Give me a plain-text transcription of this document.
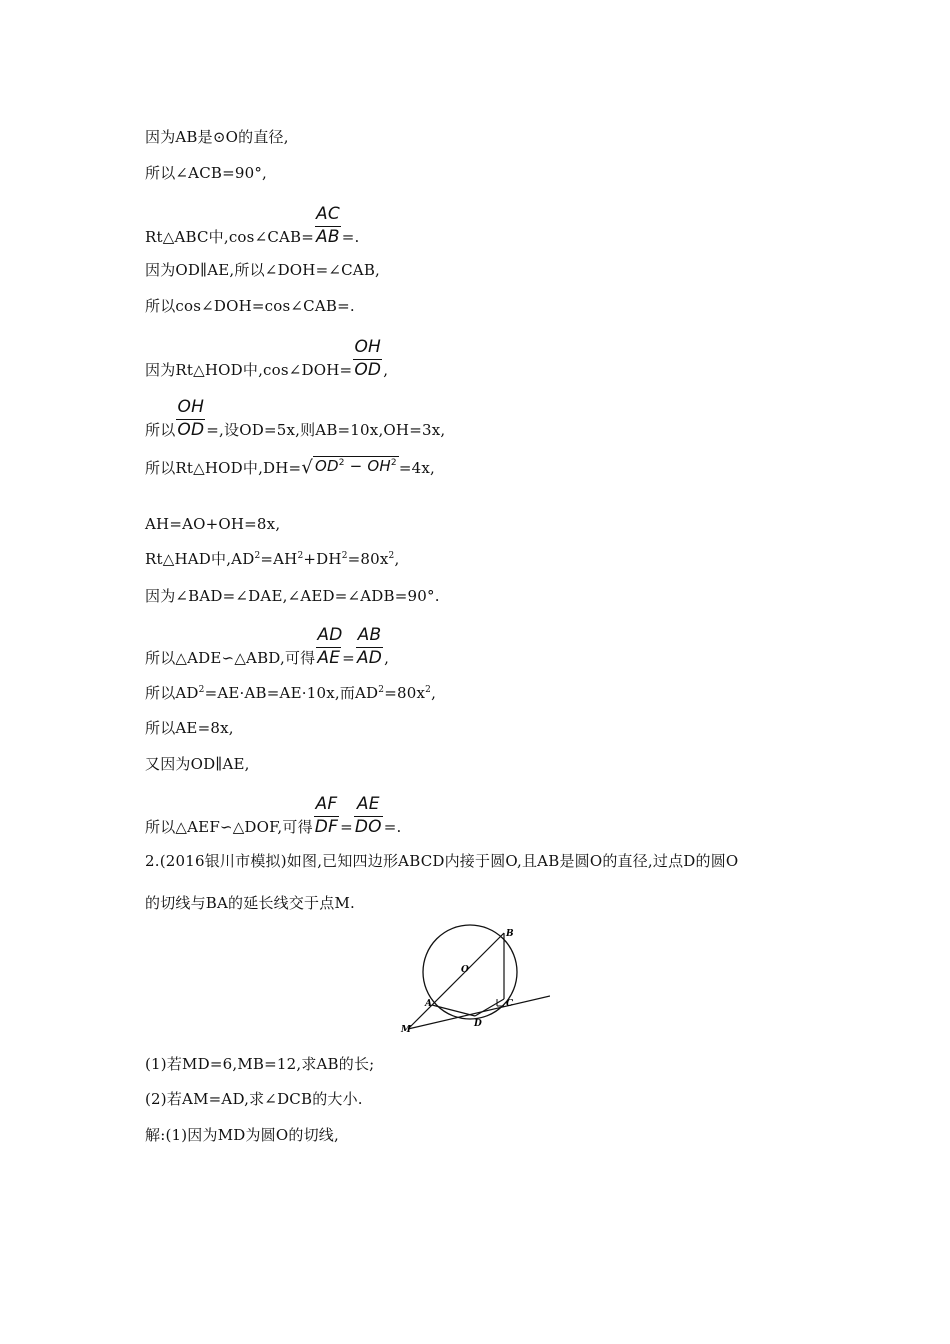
因为AB是⊙O的直径,
所以∠ACB=90°,
Rt△ABC中,cos∠CAB= $\frac{AC}{AB}$ =.
因为OD∥AE,所以∠DOH=∠CAB,
所以cos∠DOH=cos∠CAB=.
因为Rt△HOD中,cos∠DOH= $\frac{OH}{OD}$ ,
所以 $\frac{OH}{OD}$ =,设OD=5x,则AB=10x,OH=3x,
所以Rt△HOD中,DH=√ $OD^2 - OH^2 =4x$,
AH=AO+OH=8x,
Rt△HAD中$,AD^2=AH^2+DH^2=80x^2$,
因为∠BAD=∠DAE,∠AED=∠ADB=90°.
所以△ADE∽△ABD,可得 $\frac{AD}{AE} = \frac{AB}{AD}$ ,
所以$AD^2=AE\cdot AB=AE\cdot 10x$,而$AD^2=80x^2$,
所以AE=8x,
又因为OD∥AE,
所以△AEF∽△DOF,可得 $\frac{AF}{DF} = \frac{AE}{DO}$ =.
2.(2016银川市模拟)如图,已知四边形ABCD内接于圆O,且AB是圆O的直径,过点D的圆O
的切线与BA的延长线交于点M.
B
O
A	C
D
M
(1)若MD=6,MB=12,求AB的长;
(2)若AM=AD,求∠DCB的大小.
解:(1)因为MD为圆O的切线,
